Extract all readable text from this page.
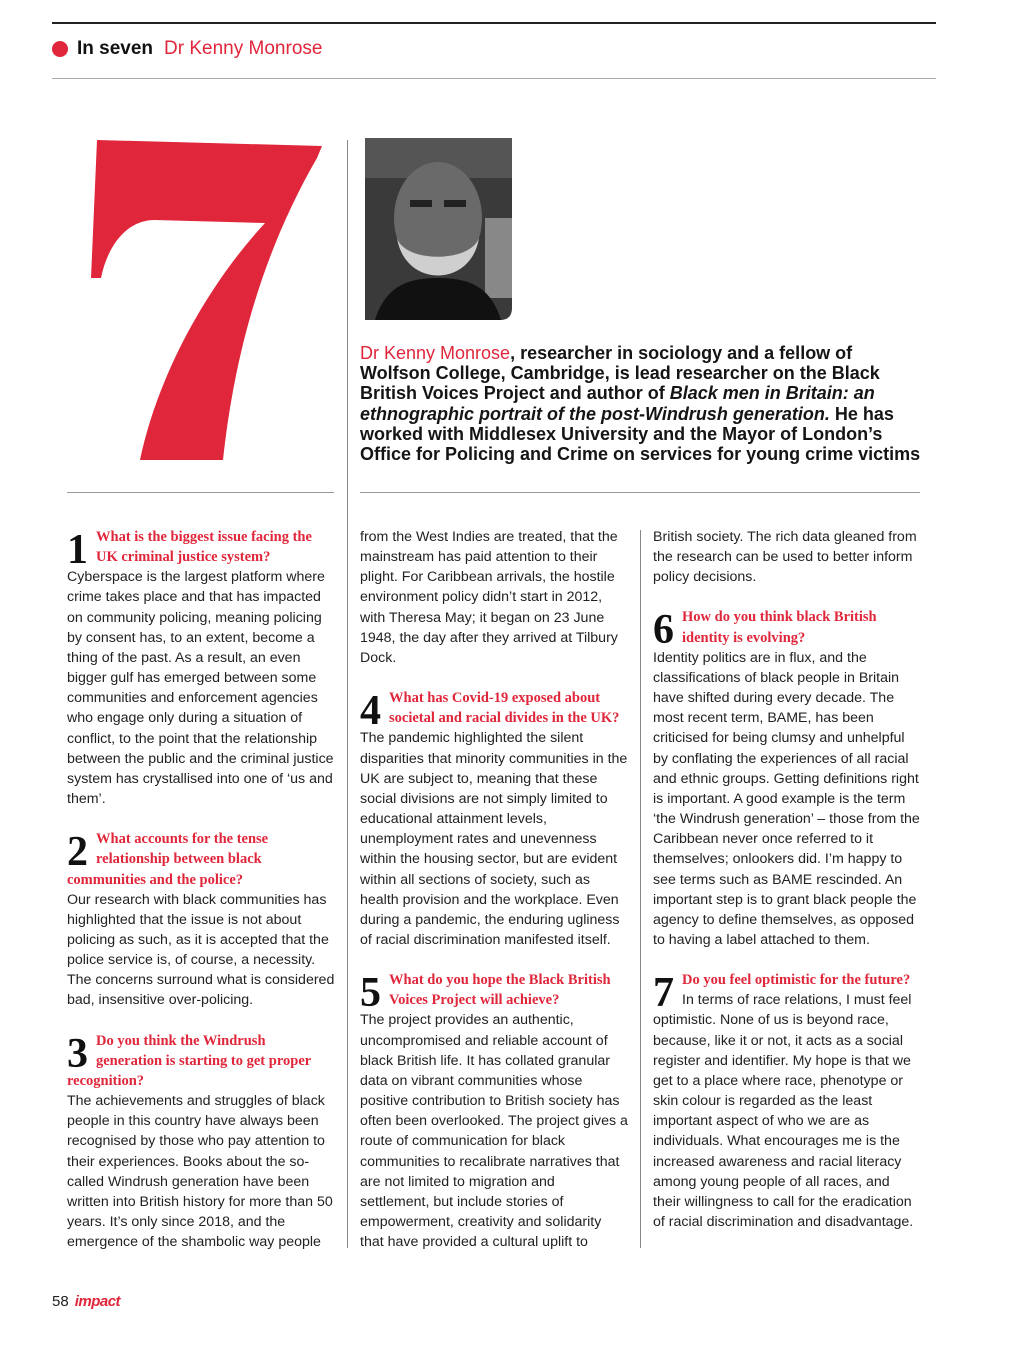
In seven Dr Kenny Monrose
Dr Kenny Monrose, researcher in sociology and a fellow of Wolfson College, Cambridge, is lead researcher on the Black British Voices Project and author of Black men in Britain: an ethnographic portrait of the post-Windrush generation. He has worked with Middlesex University and the Mayor of London’s Office for Policing and Crime on services for young crime victims
1 What is the biggest issue facing the UK criminal justice system?

Cyberspace is the largest platform where crime takes place and that has impacted on community policing, meaning policing by consent has, to an extent, become a thing of the past. As a result, an even bigger gulf has emerged between some communities and enforcement agencies who engage only during a situation of conflict, to the point that the relationship between the public and the criminal justice system has crystallised into one of ‘us and them’.

2 What accounts for the tense relationship between black communities and the police?

Our research with black communities has highlighted that the issue is not about policing as such, as it is accepted that the police service is, of course, a necessity. The concerns surround what is considered bad, insensitive over-policing.

3 Do you think the Windrush generation is starting to get proper recognition?

The achievements and struggles of black people in this country have always been recognised by those who pay attention to their experiences. Books about the so-called Windrush generation have been written into British history for more than 50 years. It’s only since 2018, and the emergence of the shambolic way people

from the West Indies are treated, that the mainstream has paid attention to their plight. For Caribbean arrivals, the hostile environment policy didn’t start in 2012, with Theresa May; it began on 23 June 1948, the day after they arrived at Tilbury Dock.

4 What has Covid-19 exposed about societal and racial divides in the UK?

The pandemic highlighted the silent disparities that minority communities in the UK are subject to, meaning that these social divisions are not simply limited to educational attainment levels, unemployment rates and unevenness within the housing sector, but are evident within all sections of society, such as health provision and the workplace. Even during a pandemic, the enduring ugliness of racial discrimination manifested itself.

5 What do you hope the Black British Voices Project will achieve?

The project provides an authentic, uncompromised and reliable account of black British life. It has collated granular data on vibrant communities whose positive contribution to British society has often been overlooked. The project gives a route of communication for black communities to recalibrate narratives that are not limited to migration and settlement, but include stories of empowerment, creativity and solidarity that have provided a cultural uplift to

British society. The rich data gleaned from the research can be used to better inform policy decisions.

6 How do you think black British identity is evolving?

Identity politics are in flux, and the classifications of black people in Britain have shifted during every decade. The most recent term, BAME, has been criticised for being clumsy and unhelpful by conflating the experiences of all racial and ethnic groups. Getting definitions right is important. A good example is the term ‘the Windrush generation’ – those from the Caribbean never once referred to it themselves; onlookers did. I’m happy to see terms such as BAME rescinded. An important step is to grant black people the agency to define themselves, as opposed to having a label attached to them.

7 Do you feel optimistic for the future?

In terms of race relations, I must feel optimistic. None of us is beyond race, because, like it or not, it acts as a social register and identifier. My hope is that we get to a place where race, phenotype or skin colour is regarded as the least important aspect of who we are as individuals. What encourages me is the increased awareness and racial literacy among young people of all races, and their willingness to call for the eradication of racial discrimination and disadvantage.

58 impact
